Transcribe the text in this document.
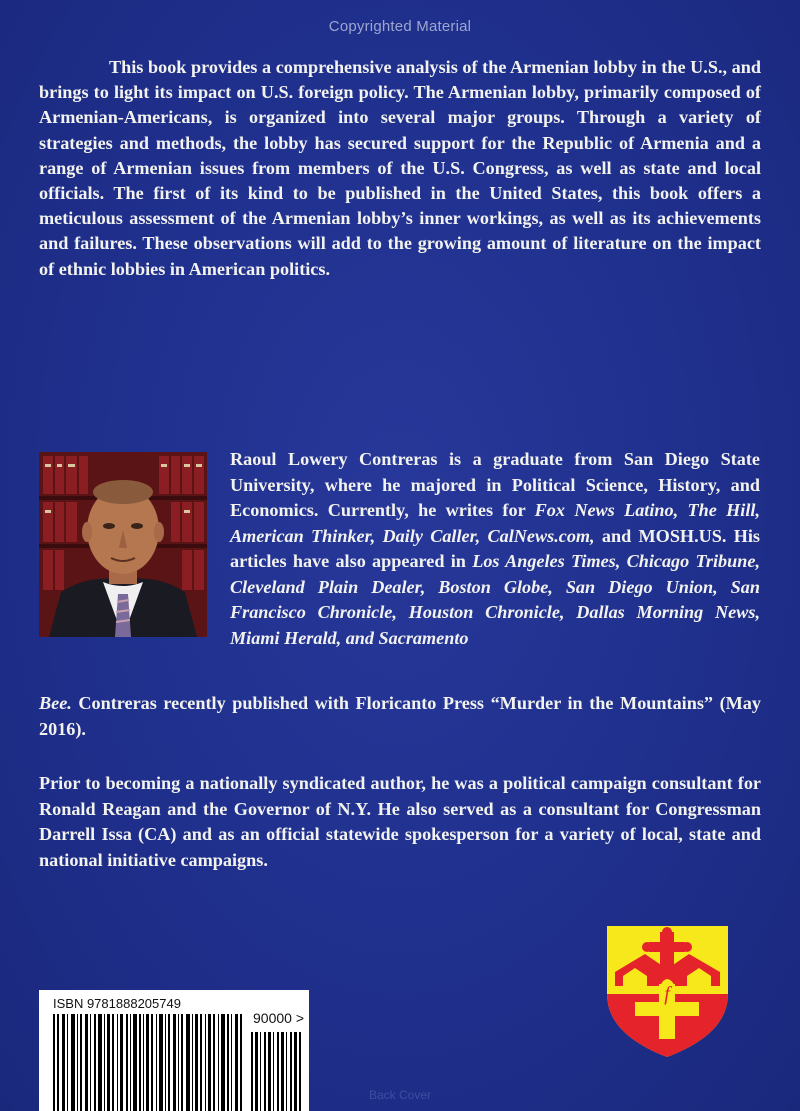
Copyrighted Material
This book provides a comprehensive analysis of the Armenian lobby in the U.S., and brings to light its impact on U.S. foreign policy. The Armenian lobby, primarily composed of Armenian-Americans, is organized into several major groups. Through a variety of strategies and methods, the lobby has secured support for the Republic of Armenia and a range of Armenian issues from members of the U.S. Congress, as well as state and local officials. The first of its kind to be published in the United States, this book offers a meticulous assessment of the Armenian lobby’s inner workings, as well as its achievements and failures. These observations will add to the growing amount of literature on the impact of ethnic lobbies in American politics.
Raoul Lowery Contreras is a graduate from San Diego State University, where he majored in Political Science, History, and Economics. Currently, he writes for Fox News Latino, The Hill, American Thinker, Daily Caller, CalNews.com, and MOSH.US. His articles have also appeared in Los Angeles Times, Chicago Tribune, Cleveland Plain Dealer, Boston Globe, San Diego Union, San Francisco Chronicle, Houston Chronicle, Dallas Morning News, Miami Herald, and Sacramento
Bee. Contreras recently published with Floricanto Press “Murder in the Mountains” (May 2016).
Prior to becoming a nationally syndicated author, he was a political campaign consultant for Ronald Reagan and the Governor of N.Y. He also served as a consultant for Congressman Darrell Issa (CA) and as an official statewide spokesperson for a variety of local, state and national initiative campaigns.
ISBN 9781888205749
90000 >
f
Back Cover
